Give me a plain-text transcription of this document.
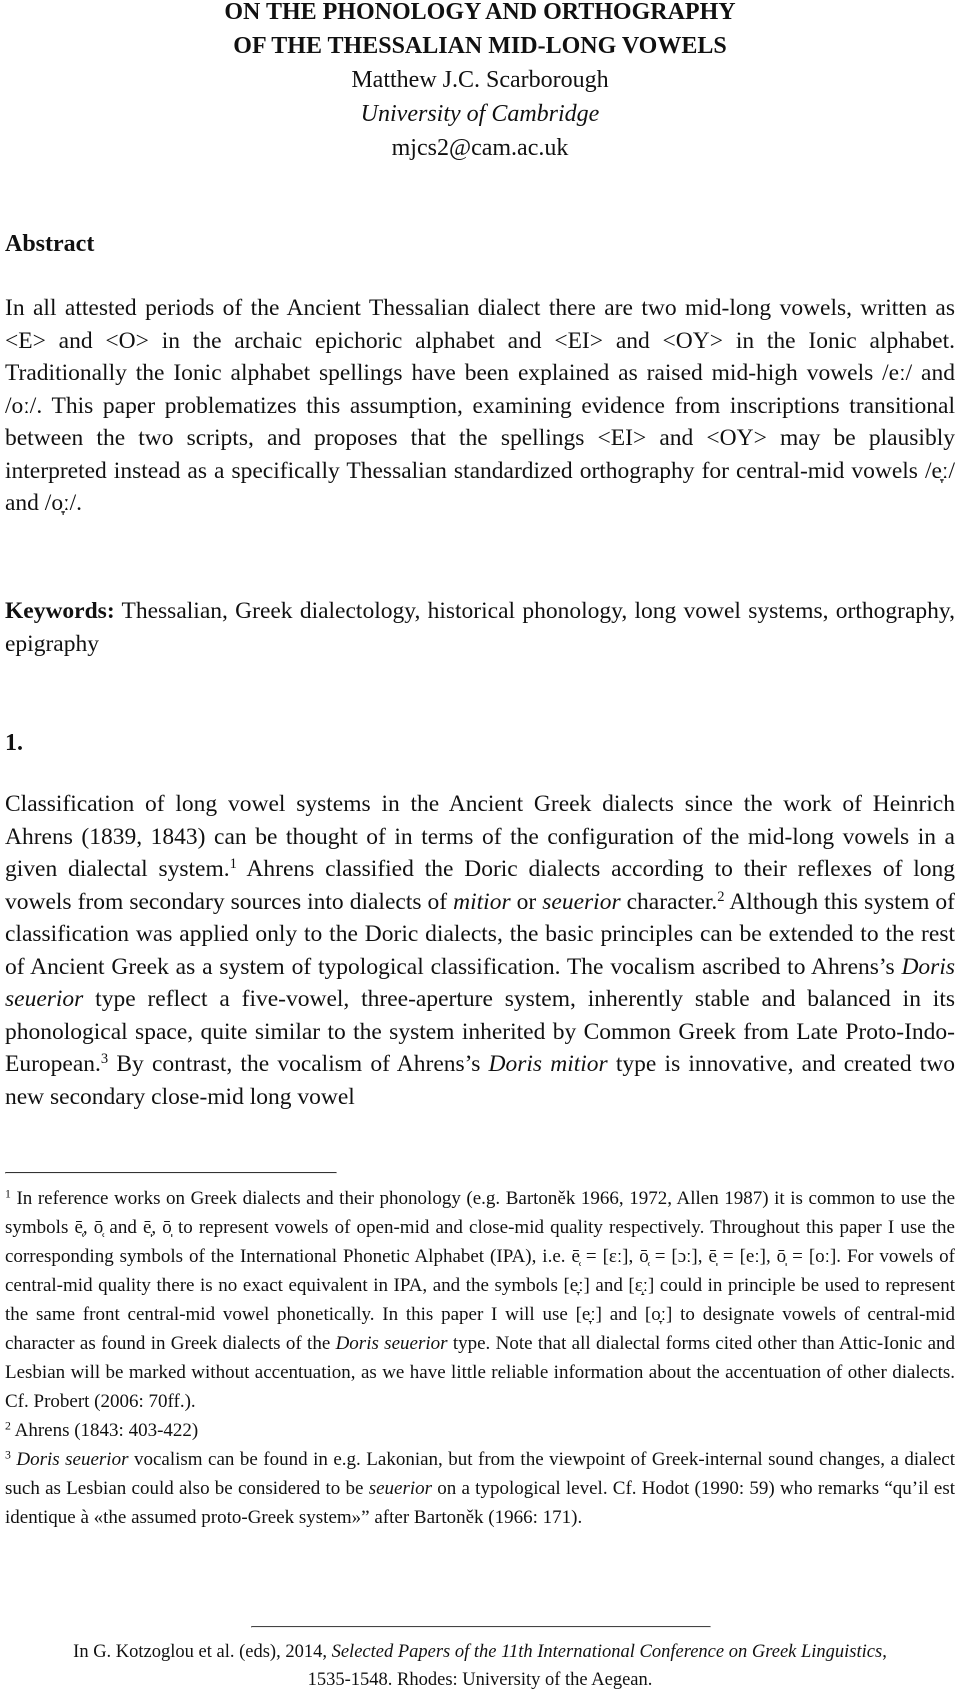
ON THE PHONOLOGY AND ORTHOGRAPHY
OF THE THESSALIAN MID-LONG VOWELS
Matthew J.C. Scarborough
University of Cambridge
mjcs2@cam.ac.uk
Abstract

In all attested periods of the Ancient Thessalian dialect there are two mid-long vowels, written as <E> and <O> in the archaic epichoric alphabet and <EI> and <OY> in the Ionic alphabet. Traditionally the Ionic alphabet spellings have been explained as raised mid-high vowels /eː/ and /oː/. This paper problematizes this assumption, examining evidence from inscriptions transitional between the two scripts, and proposes that the spellings <EI> and <OY> may be plausibly interpreted instead as a specifically Thessalian standardized orthography for central-mid vowels /e̞ː/ and /o̞ː/.

Keywords: Thessalian, Greek dialectology, historical phonology, long vowel systems, orthography, epigraphy

1.

Classification of long vowel systems in the Ancient Greek dialects since the work of Heinrich Ahrens (1839, 1843) can be thought of in terms of the configuration of the mid-long vowels in a given dialectal system.$^1$ Ahrens classified the Doric dialects according to their reflexes of long vowels from secondary sources into dialects of mitior or seuerior character.$^2$ Although this system of classification was applied only to the Doric dialects, the basic principles can be extended to the rest of Ancient Greek as a system of typological classification. The vocalism ascribed to Ahrens’s Doris seuerior type reflect a five-vowel, three-aperture system, inherently stable and balanced in its phonological space, quite similar to the system inherited by Common Greek from Late Proto-Indo-European.$^3$ By contrast, the vocalism of Ahrens’s Doris mitior type is innovative, and created two new secondary close-mid long vowel

$^1$ In reference works on Greek dialects and their phonology (e.g. Bartoněk 1966, 1972, Allen 1987) it is common to use the symbols ē̜, ō̜ and ē̩, ō̩ to represent vowels of open-mid and close-mid quality respectively. Throughout this paper I use the corresponding symbols of the International Phonetic Alphabet (IPA), i.e. ē̜ = [ɛː], ō̜ = [ɔː], ē̩ = [eː], ō̩ = [oː]. For vowels of central-mid quality there is no exact equivalent in IPA, and the symbols [e̞ː] and [ɛ̝ː] could in principle be used to represent the same front central-mid vowel phonetically. In this paper I will use [e̞ː] and [o̞ː] to designate vowels of central-mid character as found in Greek dialects of the Doris seuerior type. Note that all dialectal forms cited other than Attic-Ionic and Lesbian will be marked without accentuation, as we have little reliable information about the accentuation of other dialects. Cf. Probert (2006: 70ff.).

$^2$ Ahrens (1843: 403-422)

$^3$ Doris seuerior vocalism can be found in e.g. Lakonian, but from the viewpoint of Greek-internal sound changes, a dialect such as Lesbian could also be considered to be seuerior on a typological level. Cf. Hodot (1990: 59) who remarks “qu’il est identique à «the assumed proto-Greek system»” after Bartoněk (1966: 171).

In G. Kotzoglou et al. (eds), 2014, Selected Papers of the 11th International Conference on Greek Linguistics,
1535-1548. Rhodes: University of the Aegean.
